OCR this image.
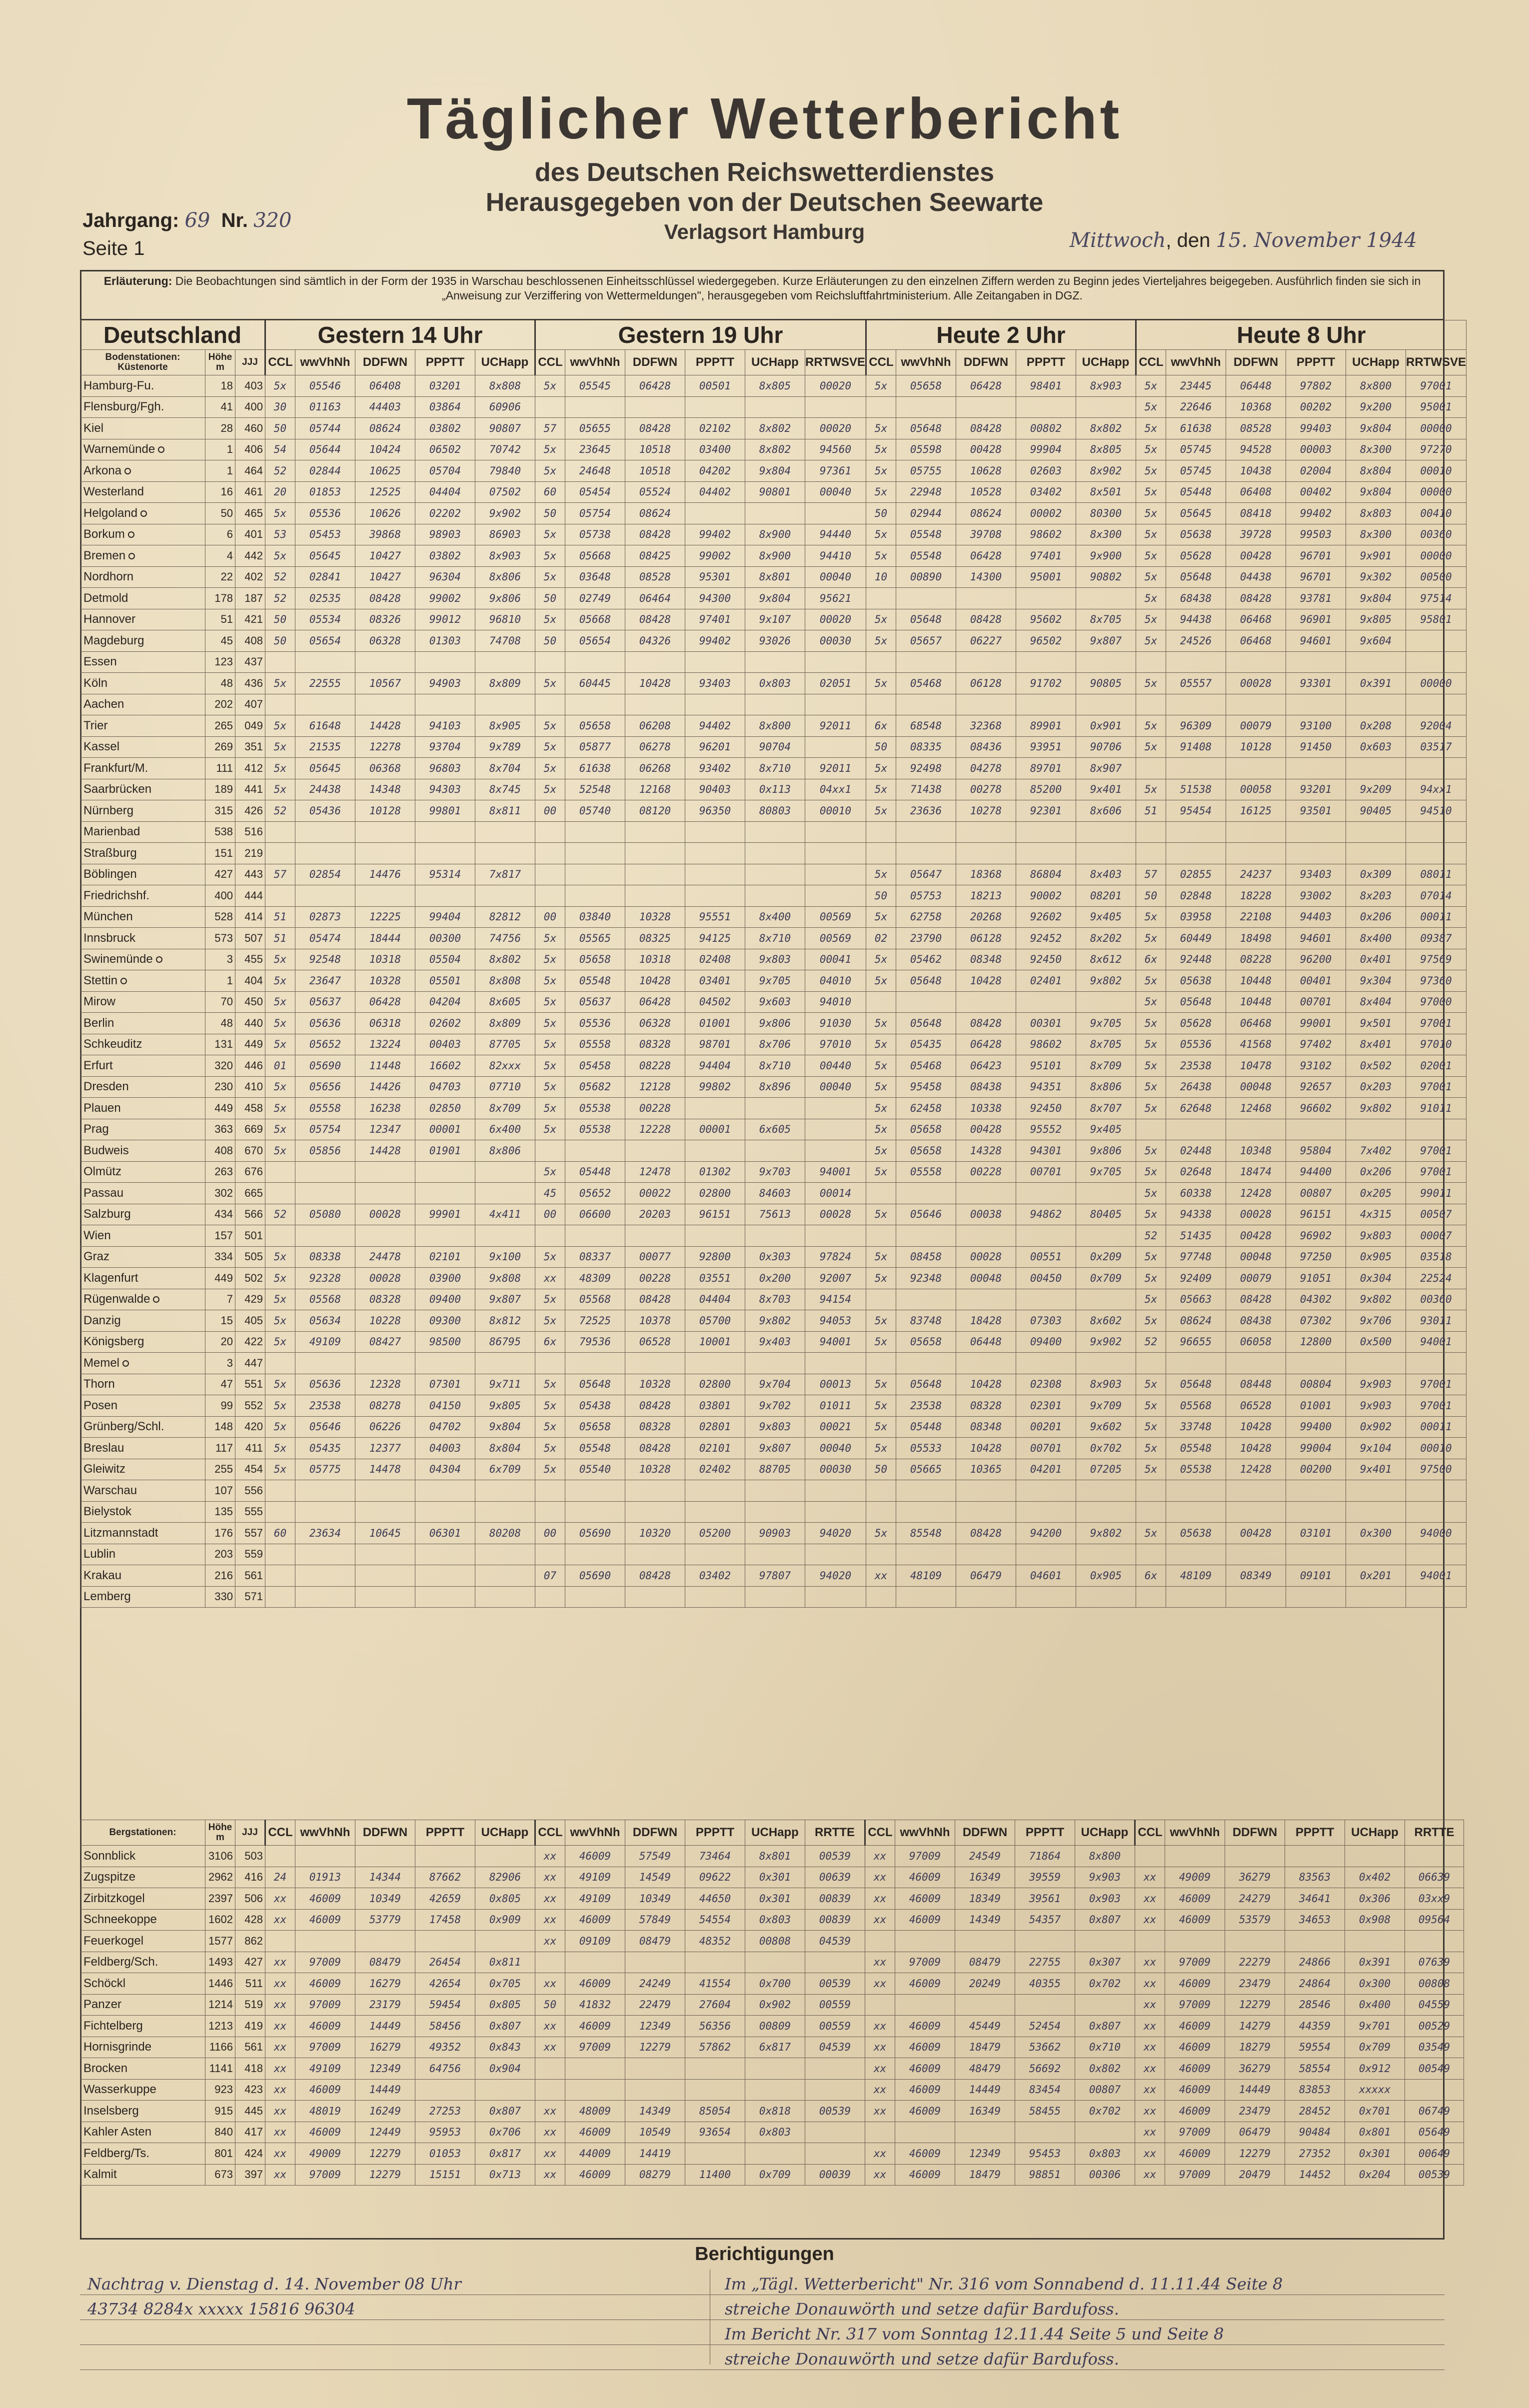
Täglicher Wetterbericht
des Deutschen Reichswetterdienstes
Herausgegeben von der Deutschen Seewarte
Verlagsort Hamburg
Jahrgang: 69 Nr. 320
Seite 1	Mittwoch, den 15. November 1944
Erläuterung: Die Beobachtungen sind sämtlich in der Form der 1935 in Warschau beschlossenen Einheitsschlüssel wiedergegeben. Kurze Erläuterungen zu den einzelnen Ziffern werden zu Beginn jedes Vierteljahres beigegeben. Ausführlich finden sie sich in „Anweisung zur Verziffering von Wettermeldungen", herausgegeben vom Reichsluftfahrtministerium. Alle Zeitangaben in DGZ.
Deutschland			Gestern 14 Uhr					Gestern 19 Uhr						Heute 2 Uhr					Heute 8 Uhr					
Bodenstationen: Küstenorte	Höhe m	JJJ	CCL	wwVhNh	DDFWN	PPPTT	UCHapp	CCL	wwVhNh	DDFWN	PPPTT	UCHapp	RRTWSVE	CCL	wwVhNh	DDFWN	PPPTT	UCHapp	CCL	wwVhNh	DDFWN	PPPTT	UCHapp	RRTWSVE
Hamburg-Fu.	18	403	5x	05546	06408	03201	8x808	5x	05545	06428	00501	8x805	00020	5x	05658	06428	98401	8x903	5x	23445	06448	97802	8x800	97001
Flensburg/Fgh.	41	400	30	01163	44403	03864	60906												5x	22646	10368	00202	9x200	95001
Kiel	28	460	50	05744	08624	03802	90807	57	05655	08428	02102	8x802	00020	5x	05648	08428	00802	8x802	5x	61638	08528	99403	9x804	00000
Warnemünde	1	406	54	05644	10424	06502	70742	5x	23645	10518	03400	8x802	94560	5x	05598	00428	99904	8x805	5x	05745	94528	00003	8x300	97270
Arkona	1	464	52	02844	10625	05704	79840	5x	24648	10518	04202	9x804	97361	5x	05755	10628	02603	8x902	5x	05745	10438	02004	8x804	00010
Westerland	16	461	20	01853	12525	04404	07502	60	05454	05524	04402	90801	00040	5x	22948	10528	03402	8x501	5x	05448	06408	00402	9x804	00000
Helgoland	50	465	5x	05536	10626	02202	9x902	50	05754	08624				50	02944	08624	00002	80300	5x	05645	08418	99402	8x803	00410
Borkum	6	401	53	05453	39868	98903	86903	5x	05738	08428	99402	8x900	94440	5x	05548	39708	98602	8x300	5x	05638	39728	99503	8x300	00360
Bremen	4	442	5x	05645	10427	03802	8x903	5x	05668	08425	99002	8x900	94410	5x	05548	06428	97401	9x900	5x	05628	00428	96701	9x901	00000
Nordhorn	22	402	52	02841	10427	96304	8x806	5x	03648	08528	95301	8x801	00040	10	00890	14300	95001	90802	5x	05648	04438	96701	9x302	00500
Detmold	178	187	52	02535	08428	99002	9x806	50	02749	06464	94300	9x804	95621						5x	68438	08428	93781	9x804	97514
Hannover	51	421	50	05534	08326	99012	96810	5x	05668	08428	97401	9x107	00020	5x	05648	08428	95602	8x705	5x	94438	06468	96901	9x805	95801
Magdeburg	45	408	50	05654	06328	01303	74708	50	05654	04326	99402	93026	00030	5x	05657	06227	96502	9x807	5x	24526	06468	94601	9x604	
Essen	123	437																						
Köln	48	436	5x	22555	10567	94903	8x809	5x	60445	10428	93403	0x803	02051	5x	05468	06128	91702	90805	5x	05557	00028	93301	0x391	00000
Aachen	202	407																						
Trier	265	049	5x	61648	14428	94103	8x905	5x	05658	06208	94402	8x800	92011	6x	68548	32368	89901	0x901	5x	96309	00079	93100	0x208	92004
Kassel	269	351	5x	21535	12278	93704	9x789	5x	05877	06278	96201	90704		50	08335	08436	93951	90706	5x	91408	10128	91450	0x603	03517
Frankfurt/M.	111	412	5x	05645	06368	96803	8x704	5x	61638	06268	93402	8x710	92011	5x	92498	04278	89701	8x907						
Saarbrücken	189	441	5x	24438	14348	94303	8x745	5x	52548	12168	90403	0x113	04xx1	5x	71438	00278	85200	9x401	5x	51538	00058	93201	9x209	94xx1
Nürnberg	315	426	52	05436	10128	99801	8x811	00	05740	08120	96350	80803	00010	5x	23636	10278	92301	8x606	51	95454	16125	93501	90405	94510
Marienbad	538	516																						
Straßburg	151	219																						
Böblingen	427	443	57	02854	14476	95314	7x817							5x	05647	18368	86804	8x403	57	02855	24237	93403	0x309	08011
Friedrichshf.	400	444												50	05753	18213	90002	08201	50	02848	18228	93002	8x203	07014
München	528	414	51	02873	12225	99404	82812	00	03840	10328	95551	8x400	00569	5x	62758	20268	92602	9x405	5x	03958	22108	94403	0x206	00011
Innsbruck	573	507	51	05474	18444	00300	74756	5x	05565	08325	94125	8x710	00569	02	23790	06128	92452	8x202	5x	60449	18498	94601	8x400	09387
Swinemünde	3	455	5x	92548	10318	05504	8x802	5x	05658	10318	02408	9x803	00041	5x	05462	08348	92450	8x612	6x	92448	08228	96200	0x401	97569
Stettin	1	404	5x	23647	10328	05501	8x808	5x	05548	10428	03401	9x705	04010	5x	05648	10428	02401	9x802	5x	05638	10448	00401	9x304	97360
Mirow	70	450	5x	05637	06428	04204	8x605	5x	05637	06428	04502	9x603	94010						5x	05648	10448	00701	8x404	97000
Berlin	48	440	5x	05636	06318	02602	8x809	5x	05536	06328	01001	9x806	91030	5x	05648	08428	00301	9x705	5x	05628	06468	99001	9x501	97001
Schkeuditz	131	449	5x	05652	13224	00403	87705	5x	05558	08328	98701	8x706	97010	5x	05435	06428	98602	8x705	5x	05536	41568	97402	8x401	97010
Erfurt	320	446	01	05690	11448	16602	82xxx	5x	05458	08228	94404	8x710	00440	5x	05468	06423	95101	8x709	5x	23538	10478	93102	0x502	02001
Dresden	230	410	5x	05656	14426	04703	07710	5x	05682	12128	99802	8x896	00040	5x	95458	08438	94351	8x806	5x	26438	00048	92657	0x203	97001
Plauen	449	458	5x	05558	16238	02850	8x709	5x	05538	00228				5x	62458	10338	92450	8x707	5x	62648	12468	96602	9x802	91011
Prag	363	669	5x	05754	12347	00001	6x400	5x	05538	12228	00001	6x605		5x	05658	00428	95552	9x405						
Budweis	408	670	5x	05856	14428	01901	8x806							5x	05658	14328	94301	9x806	5x	02448	10348	95804	7x402	97001
Olmütz	263	676						5x	05448	12478	01302	9x703	94001	5x	05558	00228	00701	9x705	5x	02648	18474	94400	0x206	97001
Passau	302	665						45	05652	00022	02800	84603	00014						5x	60338	12428	00807	0x205	99011
Salzburg	434	566	52	05080	00028	99901	4x411	00	06600	20203	96151	75613	00028	5x	05646	00038	94862	80405	5x	94338	00028	96151	4x315	00507
Wien	157	501																	52	51435	00428	96902	9x803	00007
Graz	334	505	5x	08338	24478	02101	9x100	5x	08337	00077	92800	0x303	97824	5x	08458	00028	00551	0x209	5x	97748	00048	97250	0x905	03518
Klagenfurt	449	502	5x	92328	00028	03900	9x808	xx	48309	00228	03551	0x200	92007	5x	92348	00048	00450	0x709	5x	92409	00079	91051	0x304	22524
Rügenwalde	7	429	5x	05568	08328	09400	9x807	5x	05568	08428	04404	8x703	94154						5x	05663	08428	04302	9x802	00360
Danzig	15	405	5x	05634	10228	09300	8x812	5x	72525	10378	05700	9x802	94053	5x	83748	18428	07303	8x602	5x	08624	08438	07302	9x706	93011
Königsberg	20	422	5x	49109	08427	98500	86795	6x	79536	06528	10001	9x403	94001	5x	05658	06448	09400	9x902	52	96655	06058	12800	0x500	94001
Memel	3	447																						
Thorn	47	551	5x	05636	12328	07301	9x711	5x	05648	10328	02800	9x704	00013	5x	05648	10428	02308	8x903	5x	05648	08448	00804	9x903	97001
Posen	99	552	5x	23538	08278	04150	9x805	5x	05438	08428	03801	9x702	01011	5x	23538	08328	02301	9x709	5x	05568	06528	01001	9x903	97001
Grünberg/Schl.	148	420	5x	05646	06226	04702	9x804	5x	05658	08328	02801	9x803	00021	5x	05448	08348	00201	9x602	5x	33748	10428	99400	0x902	00011
Breslau	117	411	5x	05435	12377	04003	8x804	5x	05548	08428	02101	9x807	00040	5x	05533	10428	00701	0x702	5x	05548	10428	99004	9x104	00010
Gleiwitz	255	454	5x	05775	14478	04304	6x709	5x	05540	10328	02402	88705	00030	50	05665	10365	04201	07205	5x	05538	12428	00200	9x401	97500
Warschau	107	556																						
Bielystok	135	555																						
Litzmannstadt	176	557	60	23634	10645	06301	80208	00	05690	10320	05200	90903	94020	5x	85548	08428	94200	9x802	5x	05638	00428	03101	0x300	94000
Lublin	203	559																						
Krakau	216	561						07	05690	08428	03402	97807	94020	xx	48109	06479	04601	0x905	6x	48109	08349	09101	0x201	94001
Lemberg	330	571																						
Bergstationen:	Höhe m	JJJ	CCL	wwVhNh	DDFWN	PPPTT	UCHapp	CCL	wwVhNh	DDFWN	PPPTT	UCHapp	RRTTE	CCL	wwVhNh	DDFWN	PPPTT	UCHapp	CCL	wwVhNh	DDFWN	PPPTT	UCHapp	RRTTE
Sonnblick	3106	503						xx	46009	57549	73464	8x801	00539	xx	97009	24549	71864	8x800						
Zugspitze	2962	416	24	01913	14344	87662	82906	xx	49109	14549	09622	0x301	00639	xx	46009	16349	39559	9x903	xx	49009	36279	83563	0x402	06639
Zirbitzkogel	2397	506	xx	46009	10349	42659	0x805	xx	49109	10349	44650	0x301	00839	xx	46009	18349	39561	0x903	xx	46009	24279	34641	0x306	03xx9
Schneekoppe	1602	428	xx	46009	53779	17458	0x909	xx	46009	57849	54554	0x803	00839	xx	46009	14349	54357	0x807	xx	46009	53579	34653	0x908	09564
Feuerkogel	1577	862						xx	09109	08479	48352	00808	04539											
Feldberg/Sch.	1493	427	xx	97009	08479	26454	0x811							xx	97009	08479	22755	0x307	xx	97009	22279	24866	0x391	07639
Schöckl	1446	511	xx	46009	16279	42654	0x705	xx	46009	24249	41554	0x700	00539	xx	46009	20249	40355	0x702	xx	46009	23479	24864	0x300	00808
Panzer	1214	519	xx	97009	23179	59454	0x805	50	41832	22479	27604	0x902	00559						xx	97009	12279	28546	0x400	04559
Fichtelberg	1213	419	xx	46009	14449	58456	0x807	xx	46009	12349	56356	00809	00559	xx	46009	45449	52454	0x807	xx	46009	14279	44359	9x701	00529
Hornisgrinde	1166	561	xx	97009	16279	49352	0x843	xx	97009	12279	57862	6x817	04539	xx	46009	18479	53662	0x710	xx	46009	18279	59554	0x709	03549
Brocken	1141	418	xx	49109	12349	64756	0x904							xx	46009	48479	56692	0x802	xx	46009	36279	58554	0x912	00549
Wasserkuppe	923	423	xx	46009	14449									xx	46009	14449	83454	00807	xx	46009	14449	83853	xxxxx	
Inselsberg	915	445	xx	48019	16249	27253	0x807	xx	48009	14349	85054	0x818	00539	xx	46009	16349	58455	0x702	xx	46009	23479	28452	0x701	06749
Kahler Asten	840	417	xx	46009	12449	95953	0x706	xx	46009	10549	93654	0x803							xx	97009	06479	90484	0x801	05649
Feldberg/Ts.	801	424	xx	49009	12279	01053	0x817	xx	44009	14419				xx	46009	12349	95453	0x803	xx	46009	12279	27352	0x301	00649
Kalmit	673	397	xx	97009	12279	15151	0x713	xx	46009	08279	11400	0x709	00039	xx	46009	18479	98851	00306	xx	97009	20479	14452	0x204	00539
Berichtigungen
Nachtrag v. Dienstag d. 14. November 08 Uhr
43734 8284x xxxxx 15816 96304
Im „Tägl. Wetterbericht" Nr. 316 vom Sonnabend d. 11.11.44 Seite 8
streiche Donauwörth und setze dafür Bardufoss.
Im Bericht Nr. 317 vom Sonntag 12.11.44 Seite 5 und Seite 8
streiche Donauwörth und setze dafür Bardufoss.
